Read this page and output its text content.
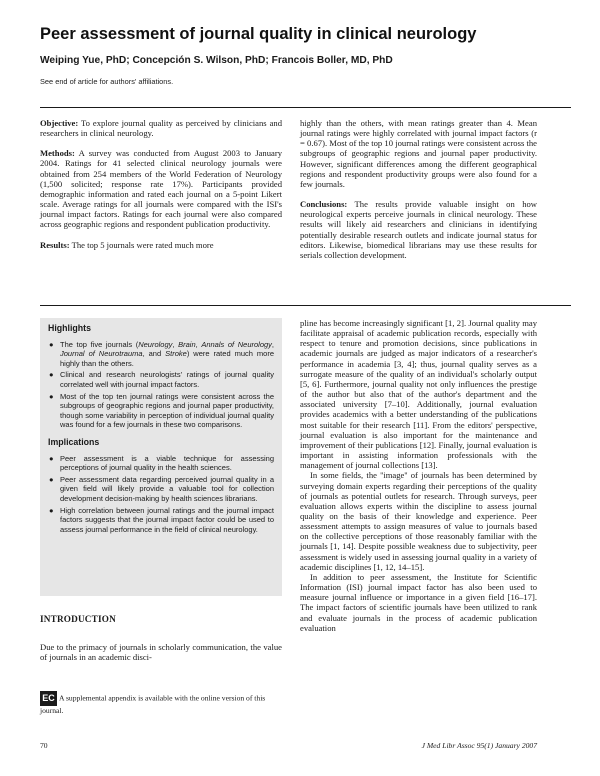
Peer assessment of journal quality in clinical neurology

Weiping Yue, PhD; Concepción S. Wilson, PhD; Francois Boller, MD, PhD

See end of article for authors' affiliations.

Objective: To explore journal quality as perceived by clinicians and researchers in clinical neurology.

Methods: A survey was conducted from August 2003 to January 2004. Ratings for 41 selected clinical neurology journals were obtained from 254 members of the World Federation of Neurology (1,500 solicited; response rate 17%). Participants provided demographic information and rated each journal on a 5-point Likert scale. Average ratings for all journals were compared with the ISI's journal impact factors. Ratings for each journal were also compared across geographic regions and respondent publication productivity.

Results: The top 5 journals were rated much more

highly than the others, with mean ratings greater than 4. Mean journal ratings were highly correlated with journal impact factors (r = 0.67). Most of the top 10 journal ratings were consistent across the subgroups of geographic regions and journal paper productivity. However, significant differences among the different geographical regions and respondent productivity groups were also found for a few journals.

Conclusions: The results provide valuable insight on how neurological experts perceive journals in clinical neurology. These results will likely aid researchers and clinicians in identifying potentially desirable research outlets and indicate journal status for editors. Likewise, biomedical librarians may use these results for serials collection development.

Highlights
● The top five journals (Neurology, Brain, Annals of Neurology, Journal of Neurotrauma, and Stroke) were rated much more highly than the others.
● Clinical and research neurologists' ratings of journal quality correlated well with journal impact factors.
● Most of the top ten journal ratings were consistent across the subgroups of geographic regions and journal paper productivity, though some variability in perception of individual journal quality was found for a few journals in these two comparisons.
Implications
● Peer assessment is a viable technique for assessing perceptions of journal quality in the health sciences.
● Peer assessment data regarding perceived journal quality in a given field will likely provide a valuable tool for collection development decision-making by health sciences librarians.
● High correlation between journal ratings and the journal impact factors suggests that the journal impact factor could be used to assess journal performance in the field of clinical neurology.
INTRODUCTION

Due to the primacy of journals in scholarly communication, the value of journals in an academic disci-

EC A supplemental appendix is available with the online version of this journal.

pline has become increasingly significant [1, 2]. Journal quality may facilitate appraisal of academic publication records, especially with respect to tenure and promotion decisions, since publications in academic journals are judged as major indicators of a researcher's performance in academia [3, 4]; thus, journal quality serves as a surrogate measure of the quality of an individual's scholarly output [5, 6]. Furthermore, journal quality not only influences the prestige of the author but also that of the author's department and the associated university [7–10]. Additionally, journal evaluation provides academics with a better understanding of the publications most suitable for their research [11]. From the editors' perspective, journal evaluation is also important for the maintenance and improvement of their publications [12]. Finally, journal evaluation is important in assisting information professionals with the management of journal collections [13].

In some fields, the ''image'' of journals has been determined by surveying domain experts regarding their perceptions of the quality of journals as potential outlets for research. Through surveys, peer evaluation allows experts within the discipline to assess journal quality on the basis of their knowledge and experience. Peer assessment attempts to assign measures of value to journals based on the collective perceptions of those reasonably familiar with the journals [1, 14]. Despite possible weakness due to subjectivity, peer assessment is widely used in assessing journal quality in a variety of academic disciplines [1, 12, 14–15].

In addition to peer assessment, the Institute for Scientific Information (ISI) journal impact factor has also been used to measure journal influence or importance in a given field [16–17]. The impact factors of scientific journals have been utilized to rank and evaluate journals in the process of academic publication evaluation

70	J Med Libr Assoc 95(1) January 2007
